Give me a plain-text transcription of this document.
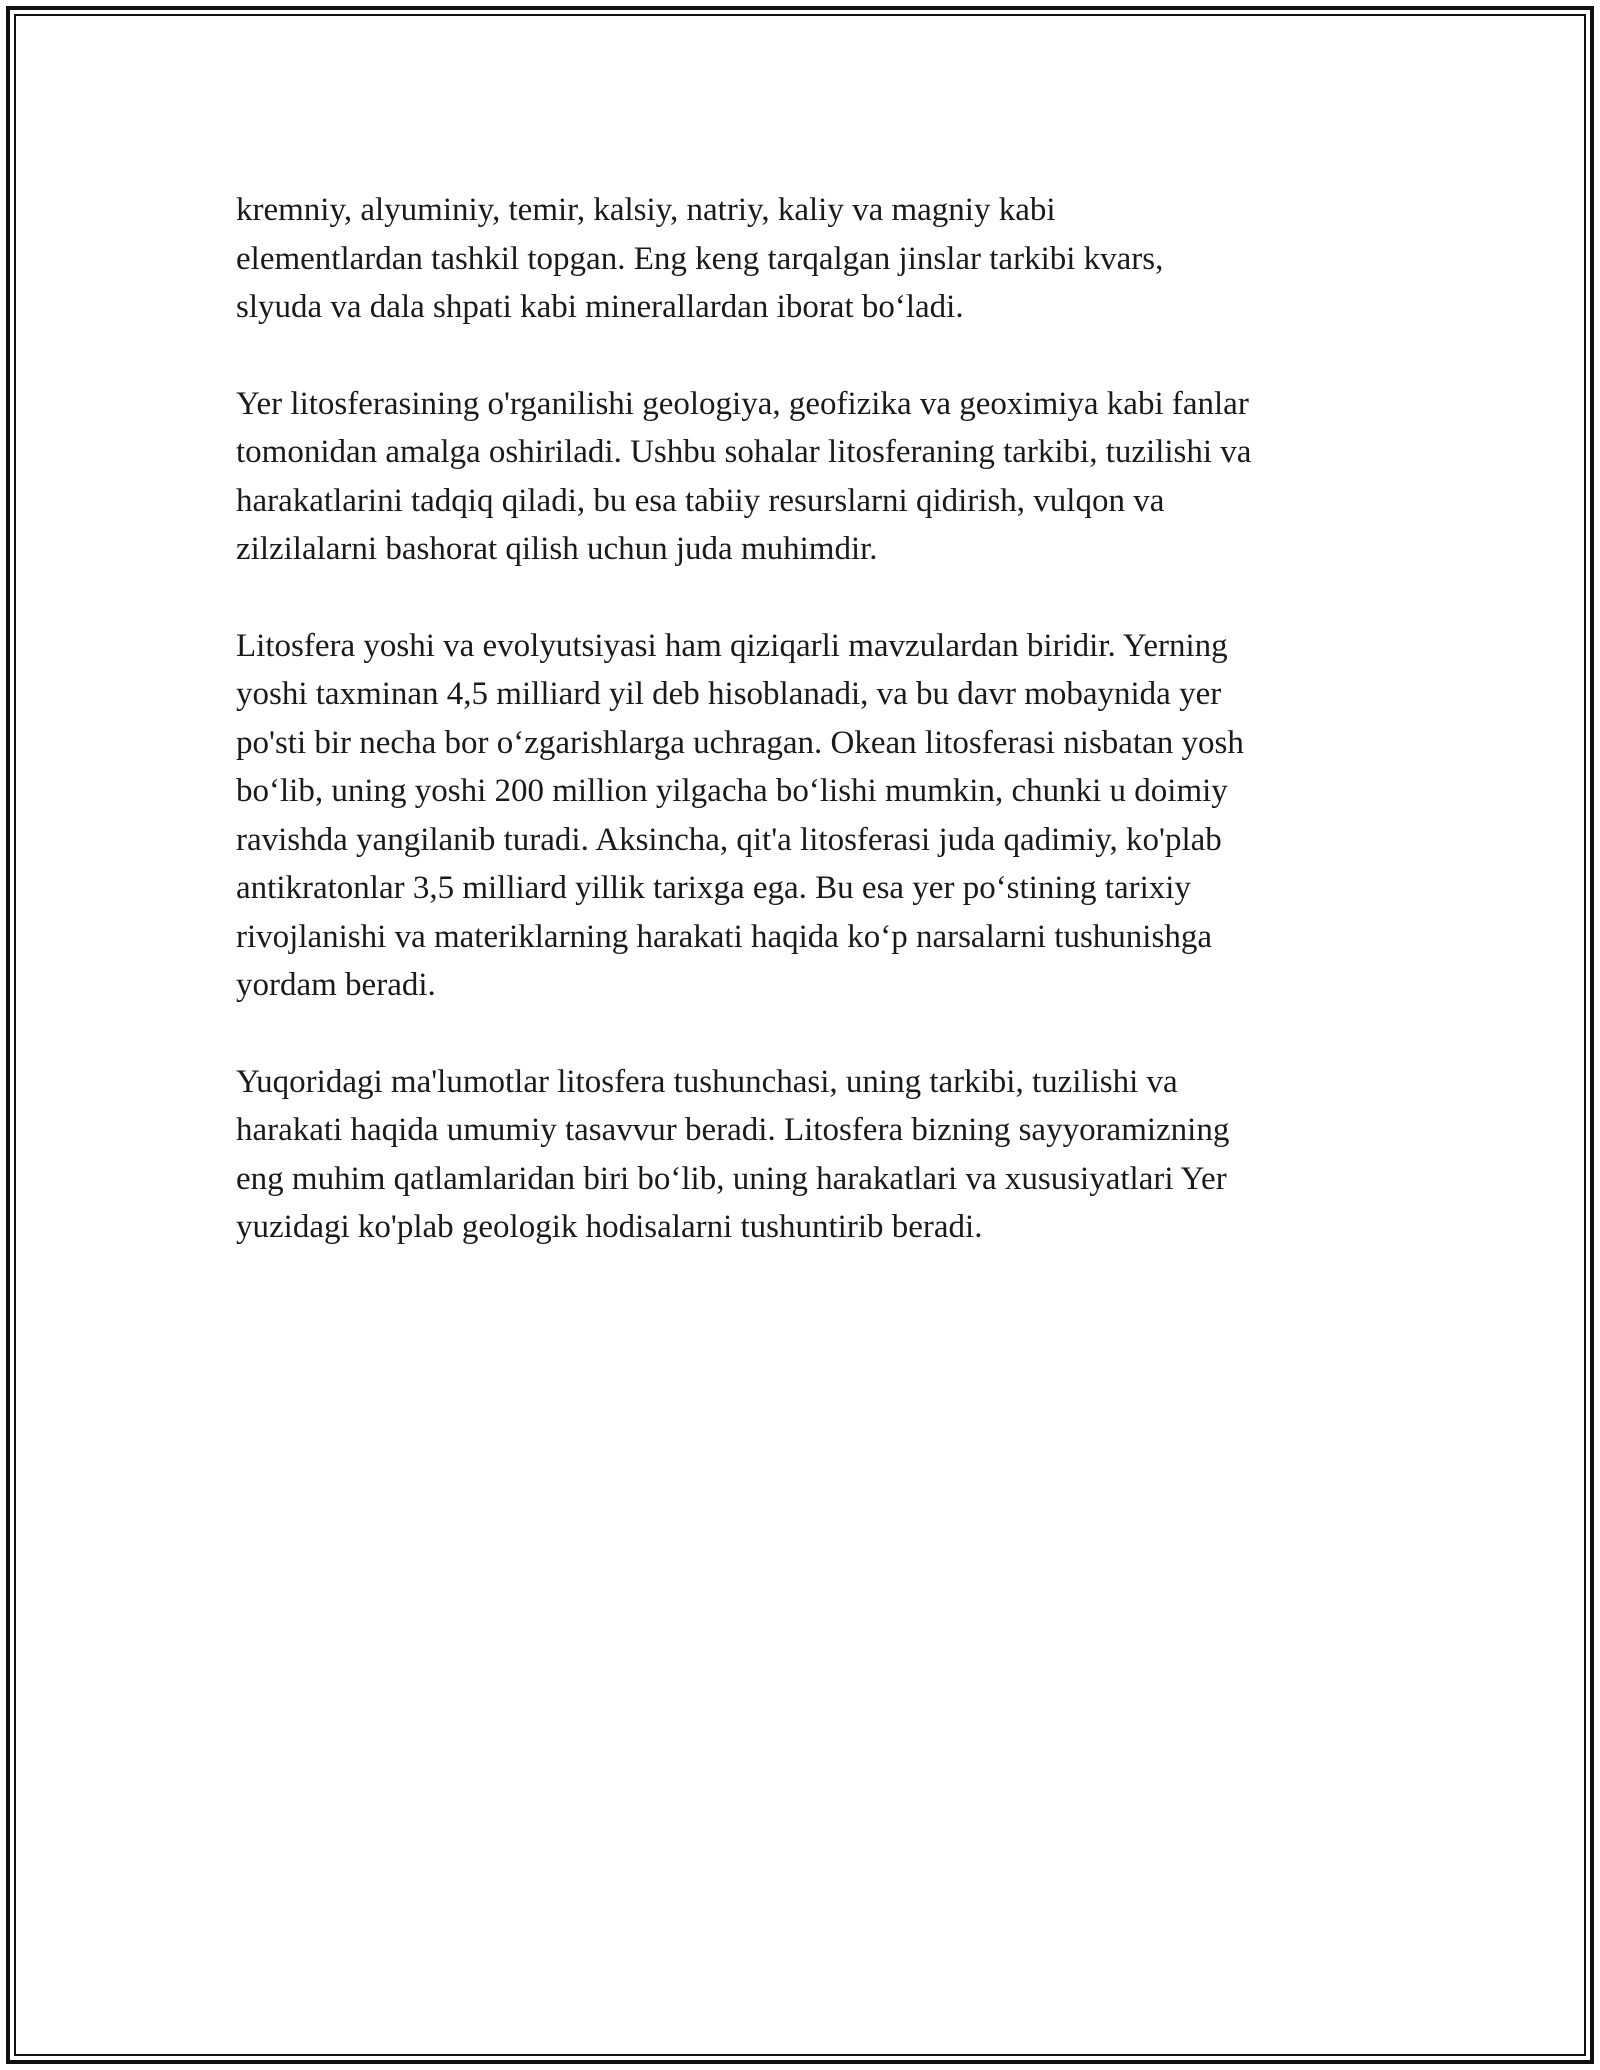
kremniy, alyuminiy, temir, kalsiy, natriy, kaliy va magniy kabi
elementlardan tashkil topgan. Eng keng tarqalgan jinslar tarkibi kvars,
slyuda va dala shpati kabi minerallardan iborat bo‘ladi.

Yer litosferasining o'rganilishi geologiya, geofizika va geoximiya kabi fanlar
tomonidan amalga oshiriladi. Ushbu sohalar litosferaning tarkibi, tuzilishi va
harakatlarini tadqiq qiladi, bu esa tabiiy resurslarni qidirish, vulqon va
zilzilalarni bashorat qilish uchun juda muhimdir.

Litosfera yoshi va evolyutsiyasi ham qiziqarli mavzulardan biridir. Yerning
yoshi taxminan 4,5 milliard yil deb hisoblanadi, va bu davr mobaynida yer
po'sti bir necha bor o‘zgarishlarga uchragan. Okean litosferasi nisbatan yosh
bo‘lib, uning yoshi 200 million yilgacha bo‘lishi mumkin, chunki u doimiy
ravishda yangilanib turadi. Aksincha, qit'a litosferasi juda qadimiy, ko'plab
antikratonlar 3,5 milliard yillik tarixga ega. Bu esa yer po‘stining tarixiy
rivojlanishi va materiklarning harakati haqida ko‘p narsalarni tushunishga
yordam beradi.

Yuqoridagi ma'lumotlar litosfera tushunchasi, uning tarkibi, tuzilishi va
harakati haqida umumiy tasavvur beradi. Litosfera bizning sayyoramizning
eng muhim qatlamlaridan biri bo‘lib, uning harakatlari va xususiyatlari Yer
yuzidagi ko'plab geologik hodisalarni tushuntirib beradi.
